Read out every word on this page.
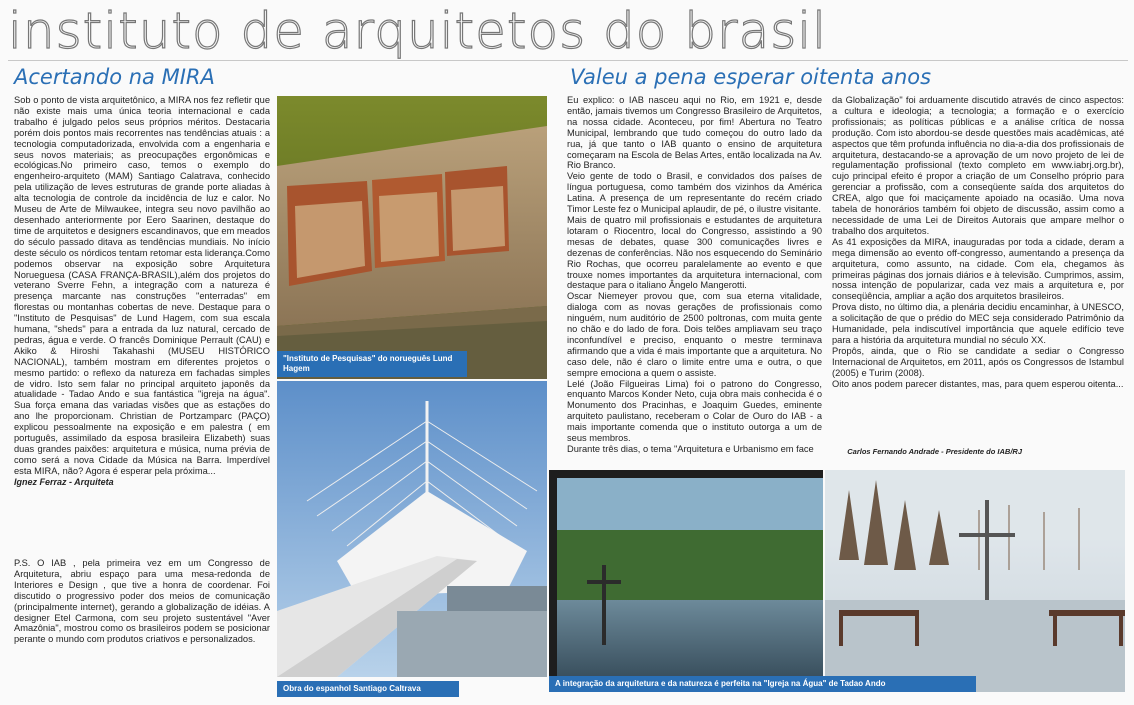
instituto de arquitetos do brasil
Acertando na MIRA

Sob o ponto de vista arquitetônico, a MIRA nos fez refletir que não existe mais uma única teoria internacional e cada trabalho é julgado pelos seus próprios méritos. Destacaria porém dois pontos mais recorrentes nas tendências atuais : a tecnologia computadorizada, envolvida com a engenharia e seus novos materiais; as preocupações ergonômicas e ecológicas.No primeiro caso, temos o exemplo do engenheiro-arquiteto (MAM) Santiago Calatrava, conhecido pela utilização de leves estruturas de grande porte aliadas à alta tecnologia de controle da incidência de luz e calor. No Museu de Arte de Milwaukee, integra seu novo pavilhão ao desenhado anteriormente por Eero Saarinen, destaque do time de arquitetos e designers escandinavos, que em meados do século passado ditava as tendências mundiais. No início deste século os nórdicos tentam retomar esta liderança.Como podemos observar na exposição sobre Arquitetura Norueguesa (CASA FRANÇA-BRASIL),além dos projetos do veterano Sverre Fehn, a integração com a natureza é presença marcante nas construções "enterradas" em florestas ou montanhas cobertas de neve. Destaque para o "Instituto de Pesquisas" de Lund Hagem, com sua escala humana, "sheds" para a entrada da luz natural, cercado de pedras, água e verde. O francês Dominique Perrault (CAU) e Akiko & Hiroshi Takahashi (MUSEU HISTÓRICO NACIONAL), também mostram em diferentes projetos o mesmo partido: o reflexo da natureza em fachadas simples de vidro. Isto sem falar no principal arquiteto japonês da atualidade - Tadao Ando e sua fantástica "igreja na água". Sua força emana das variadas visões que as estações do ano lhe proporcionam. Christian de Portzamparc (PAÇO) explicou pessoalmente na exposição e em palestra ( em português, assimilado da esposa brasileira Elizabeth) suas duas grandes paixões: arquitetura e música, numa prévia de como será a nova Cidade da Música na Barra. Imperdível esta MIRA, não? Agora é esperar pela próxima...

Ignez Ferraz - Arquiteta

P.S. O IAB , pela primeira vez em um Congresso de Arquitetura, abriu espaço para uma mesa-redonda de Interiores e Design , que tive a honra de coordenar. Foi discutido o progressivo poder dos meios de comunicação (principalmente internet), gerando a globalização de idéias. A designer Etel Carmona, com seu projeto sustentável "Aver Amazônia", mostrou como os brasileiros podem se posicionar perante o mundo com produtos criativos e personalizados.

"Instituto de Pesquisas" do norueguês Lund Hagem
Obra do espanhol Santiago Caltrava
Valeu a pena esperar oitenta anos

Eu explico: o IAB nasceu aqui no Rio, em 1921 e, desde então, jamais tivemos um Congresso Brasileiro de Arquitetos, na nossa cidade. Aconteceu, por fim! Abertura no Teatro Municipal, lembrando que tudo começou do outro lado da rua, já que tanto o IAB quanto o ensino de arquitetura começaram na Escola de Belas Artes, então localizada na Av. Rio Branco.

Veio gente de todo o Brasil, e convidados dos países de língua portuguesa, como também dos vizinhos da América Latina. A presença de um representante do recém criado Timor Leste fez o Municipal aplaudir, de pé, o ilustre visitante.

Mais de quatro mil profissionais e estudantes de arquitetura lotaram o Riocentro, local do Congresso, assistindo a 90 mesas de debates, quase 300 comunicações livres e dezenas de conferências. Não nos esquecendo do Seminário Rio Rochas, que ocorreu paralelamente ao evento e que trouxe nomes importantes da arquitetura internacional, com destaque para o italiano Ângelo Mangerotti.

Oscar Niemeyer provou que, com sua eterna vitalidade, dialoga com as novas gerações de profissionais como ninguém, num auditório de 2500 poltronas, com muita gente no chão e do lado de fora. Dois telões ampliavam seu traço inconfundível e preciso, enquanto o mestre terminava afirmando que a vida é mais importante que a arquitetura. No caso dele, não é claro o limite entre uma e outra, o que sempre emociona a quem o assiste.

Lelé (João Filgueiras Lima) foi o patrono do Congresso, enquanto Marcos Konder Neto, cuja obra mais conhecida é o Monumento dos Pracinhas, e Joaquim Guedes, eminente arquiteto paulistano, receberam o Colar de Ouro do IAB - a mais importante comenda que o instituto outorga a um de seus membros.

Durante três dias, o tema "Arquitetura e Urbanismo em face

da Globalização" foi arduamente discutido através de cinco aspectos: a cultura e ideologia; a tecnologia; a formação e o exercício profissionais; as políticas públicas e a análise crítica de nossa produção. Com isto abordou-se desde questões mais acadêmicas, até aspectos que têm profunda influência no dia-a-dia dos profissionais de arquitetura, destacando-se a aprovação de um novo projeto de lei de regulamentação profissional (texto completo em www.iabrj.org.br), cujo principal efeito é propor a criação de um Conselho próprio para gerenciar a profissão, com a conseqüente saída dos arquitetos do CREA, algo que foi maciçamente apoiado na ocasião. Uma nova tabela de honorários também foi objeto de discussão, assim como a necessidade de uma Lei de Direitos Autorais que ampare melhor o trabalho dos arquitetos.

As 41 exposições da MIRA, inauguradas por toda a cidade, deram a mega dimensão ao evento off-congresso, aumentando a presença da arquitetura, como assunto, na cidade. Com ela, chegamos às primeiras páginas dos jornais diários e à televisão. Cumprimos, assim, nossa intenção de popularizar, cada vez mais a arquitetura e, por conseqüência, ampliar a ação dos arquitetos brasileiros.

Prova disto, no último dia, a plenária decidiu encaminhar, à UNESCO, a solicitação de que o prédio do MEC seja considerado Patrimônio da Humanidade, pela indiscutível importância que aquele edifício teve para a história da arquitetura mundial no século XX.

Propôs, ainda, que o Rio se candidate a sediar o Congresso Internacional de Arquitetos, em 2011, após os Congressos de Istambul (2005) e Turim (2008).

Oito anos podem parecer distantes, mas, para quem esperou oitenta...

Carlos Fernando Andrade - Presidente do IAB/RJ
A integração da arquitetura e da natureza é perfeita na "Igreja na Água" de Tadao Ando
